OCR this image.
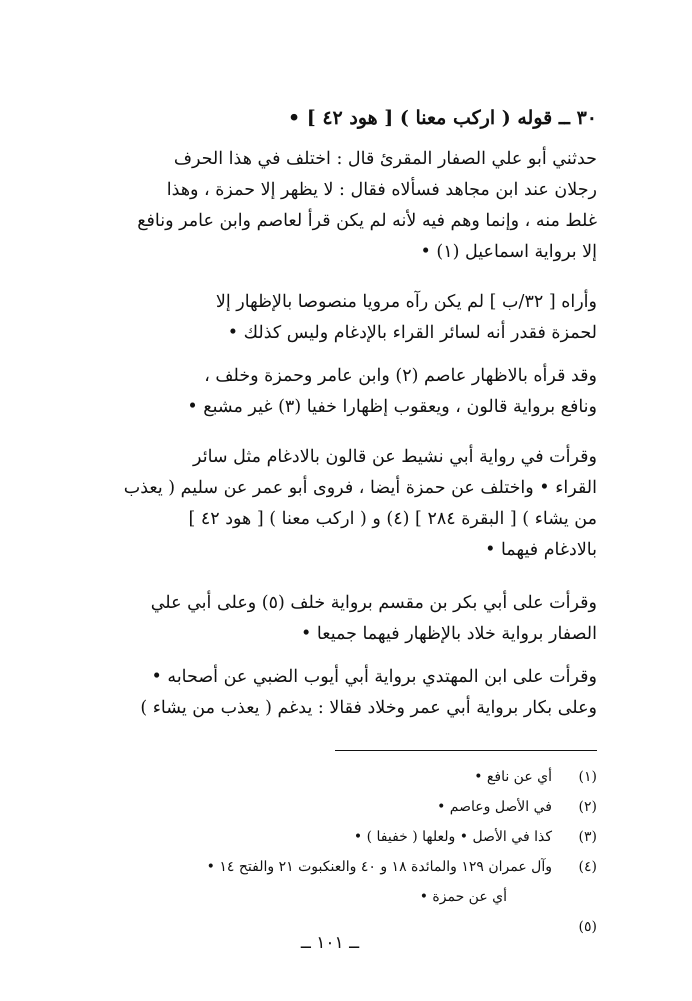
٣٠ ــ قوله ( اركب معنا ) [ هود ٤٢ ] •
حدثني أبو علي الصفار المقرئ قال : اختلف في هذا الحرف
رجلان عند ابن مجاهد فسألاه فقال : لا يظهر إلا حمزة ، وهذا
غلط منه ، وإنما وهم فيه لأنه لم يكن قرأ لعاصم وابن عامر ونافع
إلا برواية اسماعيل (١) •
وأراه [ ٣٢/ب ] لم يكن رآه مرويا منصوصا بالإظهار إلا
لحمزة فقدر أنه لسائر القراء بالإدغام وليس كذلك •
وقد قرأه بالاظهار عاصم (٢) وابن عامر وحمزة وخلف ،
ونافع برواية قالون ، ويعقوب إظهارا خفيا (٣) غير مشبع •
وقرأت في رواية أبي نشيط عن قالون بالادغام مثل سائر
القراء • واختلف عن حمزة أيضا ، فروى أبو عمر عن سليم ( يعذب
من يشاء ) [ البقرة ٢٨٤ ] (٤) و ( اركب معنا ) [ هود ٤٢ ]
بالادغام فيهما •
وقرأت على أبي بكر بن مقسم برواية خلف (٥) وعلى أبي علي
الصفار برواية خلاد بالإظهار فيهما جميعا •
وقرأت على ابن المهتدي برواية أبي أيوب الضبي عن أصحابه •
وعلى بكار برواية أبي عمر وخلاد فقالا : يدغم ( يعذب من يشاء )
(١)
أي عن نافع •
(٢)
في الأصل وعاصم •
(٣)
كذا في الأصل • ولعلها ( خفيفا ) •
(٤)
وآل عمران ١٢٩ والمائدة ١٨ و ٤٠ والعنكبوت ٢١ والفتح ١٤ •
أي عن حمزة •
(٥)
ــ ١٠١ ــ
